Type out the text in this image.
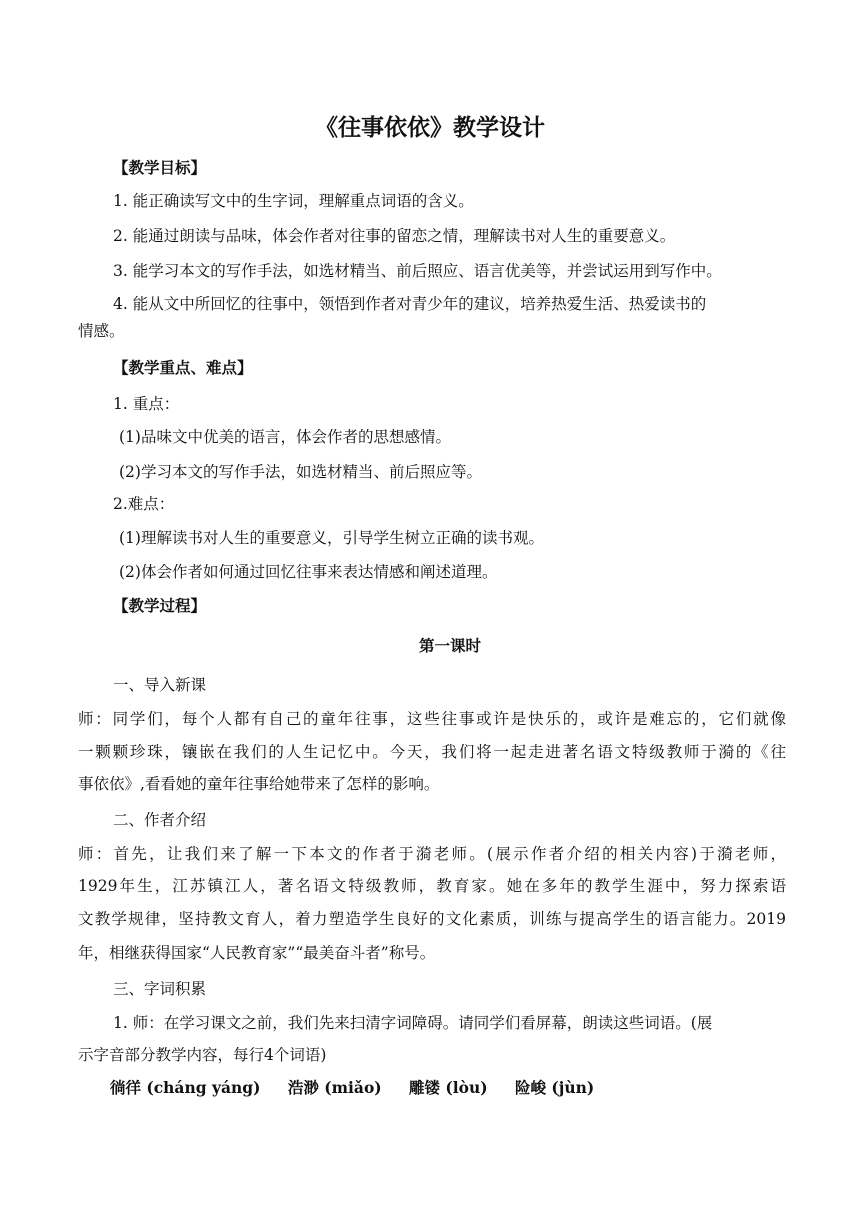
《往事依依》教学设计
【教学目标】
1. 能正确读写文中的生字词，理解重点词语的含义。
2. 能通过朗读与品味，体会作者对往事的留恋之情，理解读书对人生的重要意义。
3. 能学习本文的写作手法，如选材精当、前后照应、语言优美等，并尝试运用到写作中。
4. 能从文中所回忆的往事中，领悟到作者对青少年的建议，培养热爱生活、热爱读书的
情感。
【教学重点、难点】
1. 重点：
(1)品味文中优美的语言，体会作者的思想感情。
(2)学习本文的写作手法，如选材精当、前后照应等。
2.难点：
(1)理解读书对人生的重要意义，引导学生树立正确的读书观。
(2)体会作者如何通过回忆往事来表达情感和阐述道理。
【教学过程】
第一课时
一、导入新课
师：同学们，每个人都有自己的童年往事，这些往事或许是快乐的，或许是难忘的，它们就像
一颗颗珍珠，镶嵌在我们的人生记忆中。今天，我们将一起走进著名语文特级教师于漪的《往
事依依》,看看她的童年往事给她带来了怎样的影响。
二、作者介绍
师：首先，让我们来了解一下本文的作者于漪老师。(展示作者介绍的相关内容)于漪老师，
1929年生，江苏镇江人，著名语文特级教师，教育家。她在多年的教学生涯中，努力探索语
文教学规律，坚持教文育人，着力塑造学生良好的文化素质，训练与提高学生的语言能力。2019
年，相继获得国家“人民教育家”“最美奋斗者”称号。
三、字词积累
1. 师：在学习课文之前，我们先来扫清字词障碍。请同学们看屏幕，朗读这些词语。(展
示字音部分教学内容，每行4个词语)
徜徉 (cháng yáng) 浩渺 (miǎo) 雕镂 (lòu) 险峻 (jùn)
